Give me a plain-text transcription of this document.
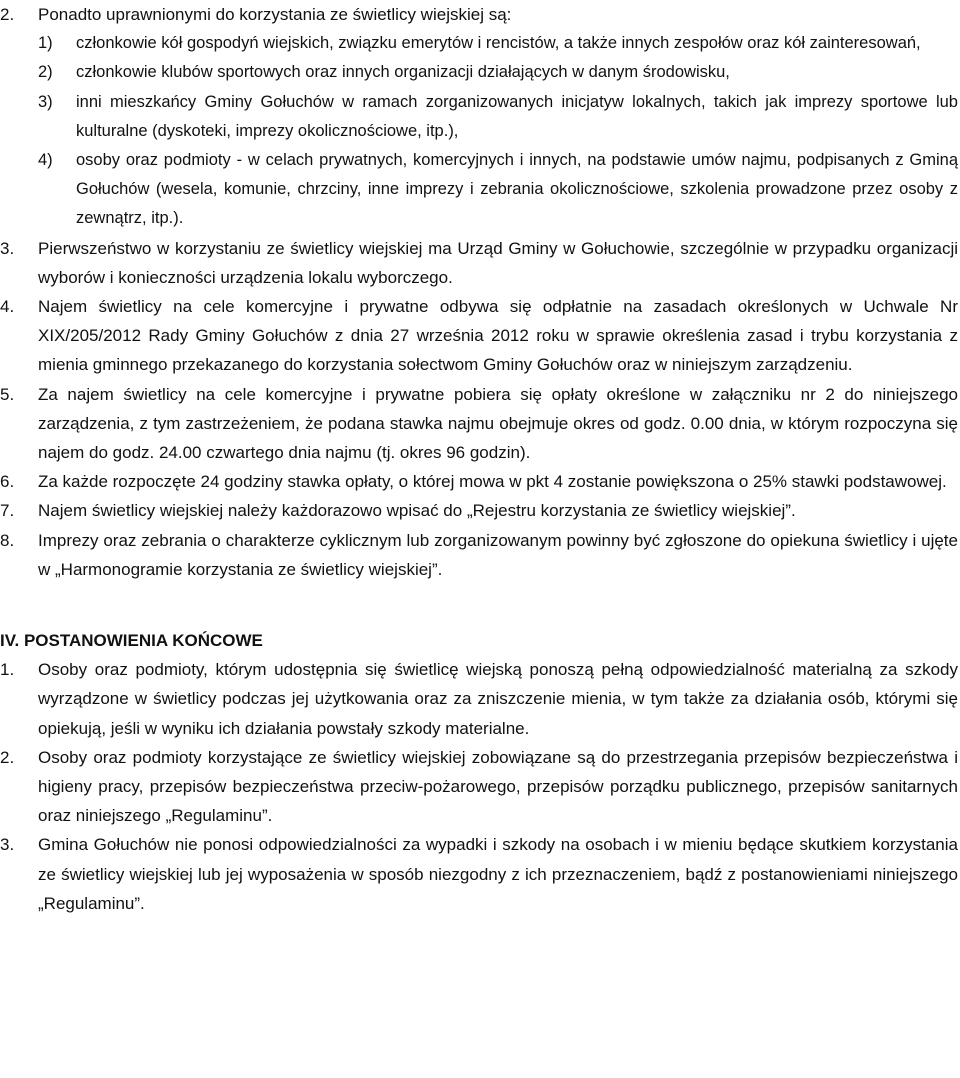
2.	Ponadto uprawnionymi do korzystania ze świetlicy wiejskiej są:
1) członkowie kół gospodyń wiejskich, związku emerytów i rencistów, a także innych zespołów oraz kół zainteresowań,
2) członkowie klubów sportowych oraz innych organizacji działających w danym środowisku,
3) inni mieszkańcy Gminy Gołuchów w ramach zorganizowanych inicjatyw lokalnych, takich jak imprezy sportowe lub kulturalne (dyskoteki, imprezy okolicznościowe, itp.),
4) osoby oraz podmioty - w celach prywatnych, komercyjnych i innych, na podstawie umów najmu, podpisanych z Gminą Gołuchów (wesela, komunie, chrzciny, inne imprezy i zebrania okolicznościowe, szkolenia prowadzone przez osoby z zewnątrz, itp.).
3.	Pierwszeństwo w korzystaniu ze świetlicy wiejskiej ma Urząd Gminy w Gołuchowie, szczególnie w przypadku organizacji wyborów i konieczności urządzenia lokalu wyborczego.
4.	Najem świetlicy na cele komercyjne i prywatne odbywa się odpłatnie na zasadach określonych w Uchwale Nr XIX/205/2012 Rady Gminy Gołuchów z dnia 27 września 2012 roku w sprawie określenia zasad i trybu korzystania z mienia gminnego przekazanego do korzystania sołectwom Gminy Gołuchów oraz w niniejszym zarządzeniu.
5.	Za najem świetlicy na cele komercyjne i prywatne pobiera się opłaty określone w załączniku nr 2 do niniejszego zarządzenia, z tym zastrzeżeniem, że podana stawka najmu obejmuje okres od godz. 0.00 dnia, w którym rozpoczyna się najem do godz. 24.00 czwartego dnia najmu (tj. okres 96 godzin).
6.	Za każde rozpoczęte 24 godziny stawka opłaty, o której mowa w pkt 4 zostanie powiększona o 25% stawki podstawowej.
7.	Najem świetlicy wiejskiej należy każdorazowo wpisać do „Rejestru korzystania ze świetlicy wiejskiej”.
8.	Imprezy oraz zebrania o charakterze cyklicznym lub zorganizowanym powinny być zgłoszone do opiekuna świetlicy i ujęte w „Harmonogramie korzystania ze świetlicy wiejskiej”.
IV. POSTANOWIENIA KOŃCOWE
1.	Osoby oraz podmioty, którym udostępnia się świetlicę wiejską ponoszą pełną odpowiedzialność materialną za szkody wyrządzone w świetlicy podczas jej użytkowania oraz za zniszczenie mienia, w tym także za działania osób, którymi się opiekują, jeśli w wyniku ich działania powstały szkody materialne.
2.	Osoby oraz podmioty korzystające ze świetlicy wiejskiej zobowiązane są do przestrzegania przepisów bezpieczeństwa i higieny pracy, przepisów bezpieczeństwa przeciw-pożarowego, przepisów porządku publicznego, przepisów sanitarnych oraz niniejszego „Regulaminu”.
3.	Gmina Gołuchów nie ponosi odpowiedzialności za wypadki i szkody na osobach i w mieniu będące skutkiem korzystania ze świetlicy wiejskiej lub jej wyposażenia w sposób niezgodny z ich przeznaczeniem, bądź z postanowieniami niniejszego „Regulaminu”.
